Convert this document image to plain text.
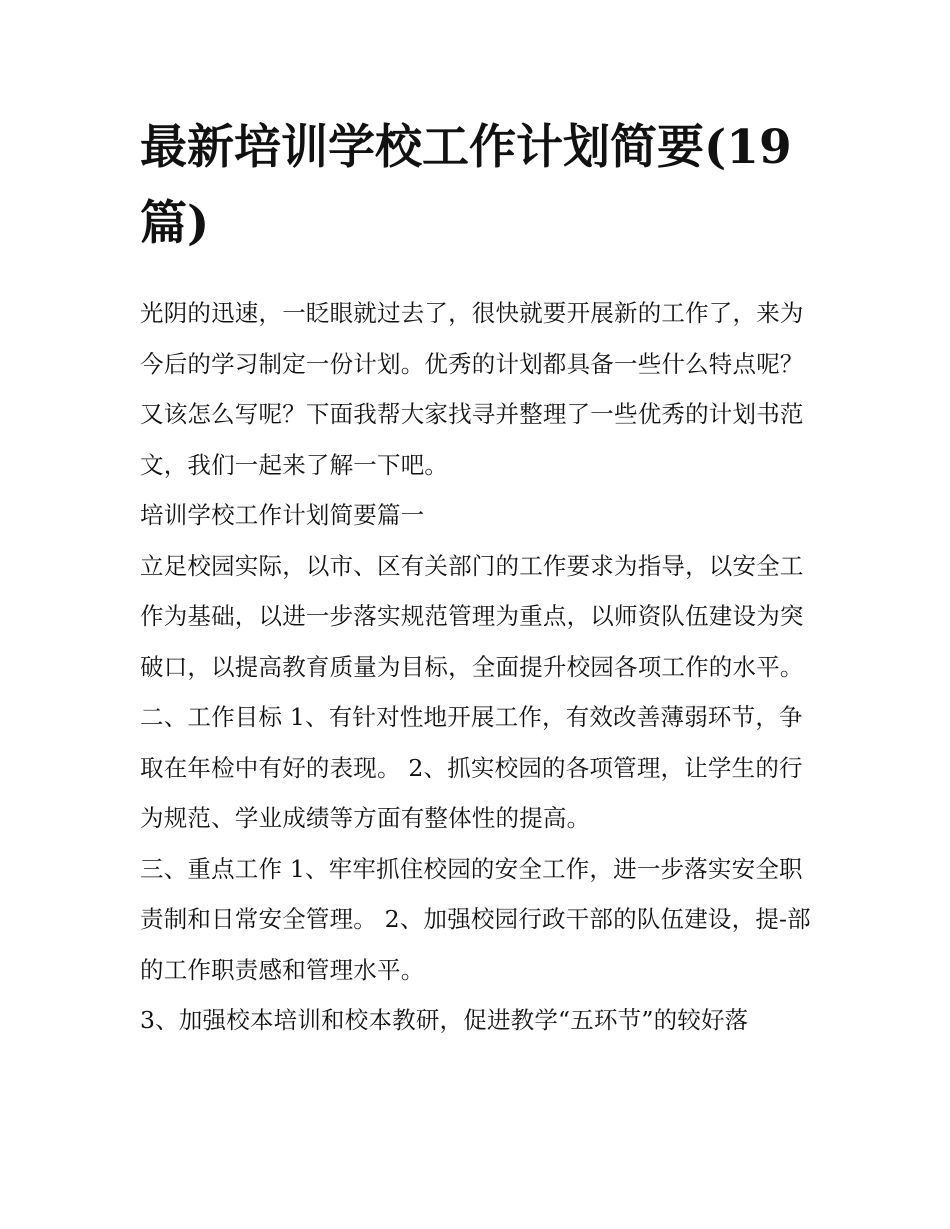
最新培训学校工作计划简要(19篇)

光阴的迅速，一眨眼就过去了，很快就要开展新的工作了，来为今后的学习制定一份计划。优秀的计划都具备一些什么特点呢？又该怎么写呢？下面我帮大家找寻并整理了一些优秀的计划书范文，我们一起来了解一下吧。

培训学校工作计划简要篇一

立足校园实际，以市、区有关部门的工作要求为指导，以安全工作为基础，以进一步落实规范管理为重点，以师资队伍建设为突破口，以提高教育质量为目标，全面提升校园各项工作的水平。

二、工作目标 1、有针对性地开展工作，有效改善薄弱环节，争取在年检中有好的表现。 2、抓实校园的各项管理，让学生的行为规范、学业成绩等方面有整体性的提高。

三、重点工作 1、牢牢抓住校园的安全工作，进一步落实安全职责制和日常安全管理。 2、加强校园行政干部的队伍建设，提-部的工作职责感和管理水平。

3、加强校本培训和校本教研，促进教学“五环节”的较好落
